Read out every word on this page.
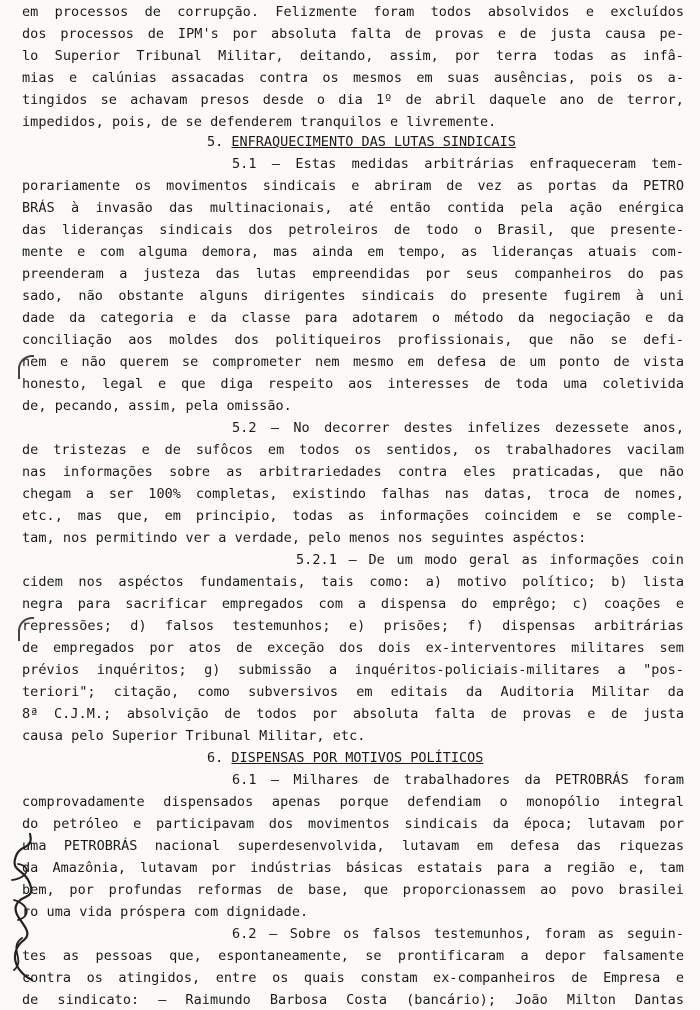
em processos de corrupção. Felizmente foram todos absolvidos e excluídos
dos processos de IPM's por absoluta falta de provas e de justa causa pe-
lo Superior Tribunal Militar, deitando, assim, por terra todas as infâ-
mias e calúnias assacadas contra os mesmos em suas ausências, pois os a-
tingidos se achavam presos desde o dia 1º de abril daquele ano de terror,
impedidos, pois, de se defenderem tranquilos e livremente.
5. ENFRAQUECIMENTO DAS LUTAS SINDICAIS
5.1 — Estas medidas arbitrárias enfraqueceram tem-
porariamente os movimentos sindicais e abriram de vez as portas da PETRO
BRÁS à invasão das multinacionais, até então contida pela ação enérgica
das lideranças sindicais dos petroleiros de todo o Brasil, que presente-
mente e com alguma demora, mas ainda em tempo, as lideranças atuais com-
preenderam a justeza das lutas empreendidas por seus companheiros do pas
sado, não obstante alguns dirigentes sindicais do presente fugirem à uni
dade da categoria e da classe para adotarem o método da negociação e da
conciliação aos moldes dos politiqueiros profissionais, que não se defi-
nem e não querem se comprometer nem mesmo em defesa de um ponto de vista
honesto, legal e que diga respeito aos interesses de toda uma coletivida
de, pecando, assim, pela omissão.
5.2 — No decorrer destes infelizes dezessete anos,
de tristezas e de sufôcos em todos os sentidos, os trabalhadores vacilam
nas informações sobre as arbitrariedades contra eles praticadas, que não
chegam a ser 100% completas, existindo falhas nas datas, troca de nomes,
etc., mas que, em principio, todas as informações coincidem e se comple-
tam, nos permitindo ver a verdade, pelo menos nos seguintes aspéctos:
5.2.1 — De um modo geral as informações coin
cidem nos aspéctos fundamentais, tais como: a) motivo político; b) lista
negra para sacrificar empregados com a dispensa do emprêgo; c) coações e
repressões; d) falsos testemunhos; e) prisões; f) dispensas arbitrárias
de empregados por atos de exceção dos dois ex-interventores militares sem
prévios inquéritos; g) submissão a inquéritos-policiais-militares a "pos-
teriori"; citação, como subversivos em editais da Auditoria Militar da
8ª C.J.M.; absolvição de todos por absoluta falta de provas e de justa
causa pelo Superior Tribunal Militar, etc.
6. DISPENSAS POR MOTIVOS POLÍTICOS
6.1 — Milhares de trabalhadores da PETROBRÁS foram
comprovadamente dispensados apenas porque defendiam o monopólio integral
do petróleo e participavam dos movimentos sindicais da época; lutavam por
uma PETROBRÁS nacional superdesenvolvida, lutavam em defesa das riquezas
da Amazônia, lutavam por indústrias básicas estatais para a região e, tam
bem, por profundas reformas de base, que proporcionassem ao povo brasilei
ro uma vida próspera com dignidade.
6.2 — Sobre os falsos testemunhos, foram as seguin-
tes as pessoas que, espontaneamente, se prontificaram a depor falsamente
contra os atingidos, entre os quais constam ex-companheiros de Empresa e
de sindicato: — Raimundo Barbosa Costa (bancário); João Milton Dantas
